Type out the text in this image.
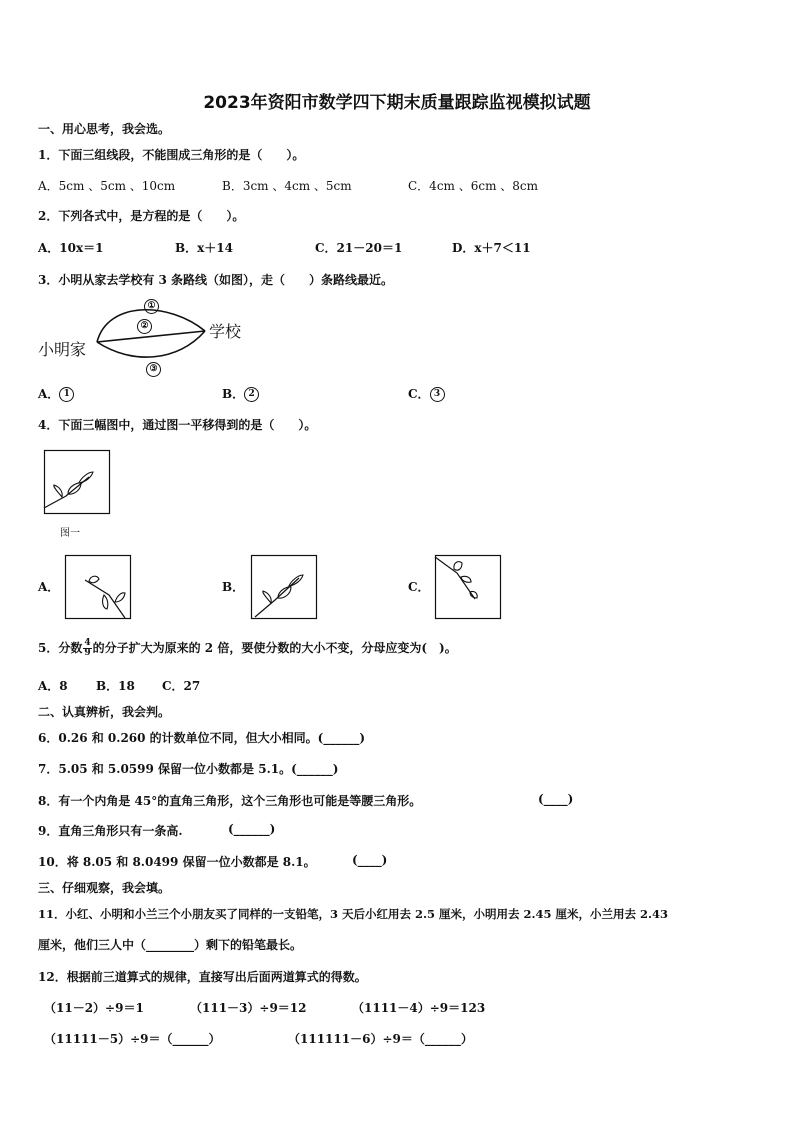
2023年资阳市数学四下期末质量跟踪监视模拟试题
一、用心思考，我会选。
1．下面三组线段，不能围成三角形的是（　　）。
A．5cm 、5cm 、10cm	B．3cm 、4cm 、5cm	C．4cm 、6cm 、8cm
2．下列各式中，是方程的是（　　）。
A．10x＝1	B．x＋14	C．21－20＝1	D．x＋7＜11
3．小明从家去学校有 3 条路线（如图），走（　　）条路线最近。
①
②
③
小明家
学校
A． 1	B． 2	C． 3
4．下面三幅图中，通过图一平移得到的是（　　）。
图一
A．	B．	C．
5．分数 $\frac{4}{9}$ 的分子扩大为原来的 2 倍，要使分数的大小不变，分母应变为(　)。
A．8 B．18 C．27
二、认真辨析，我会判。
6．0.26 和 0.260 的计数单位不同，但大小相同。(______)
7．5.05 和 5.0599 保留一位小数都是 5.1。(______)
8．有一个内角是 45°的直角三角形，这个三角形也可能是等腰三角形。	(____)
9．直角三角形只有一条高.	(______)
10．将 8.05 和 8.0499 保留一位小数都是 8.1。	(____)
三、仔细观察，我会填。
11．小红、小明和小兰三个小朋友买了同样的一支铅笔，3 天后小红用去 2.5 厘米，小明用去 2.45 厘米，小兰用去 2.43
厘米，他们三人中（________）剩下的铅笔最长。
12．根据前三道算式的规律，直接写出后面两道算式的得数。
（11－2）÷9＝1	（111－3）÷9＝12	（1111－4）÷9＝123
（11111－5）÷9＝（______）	（111111－6）÷9＝（______）
